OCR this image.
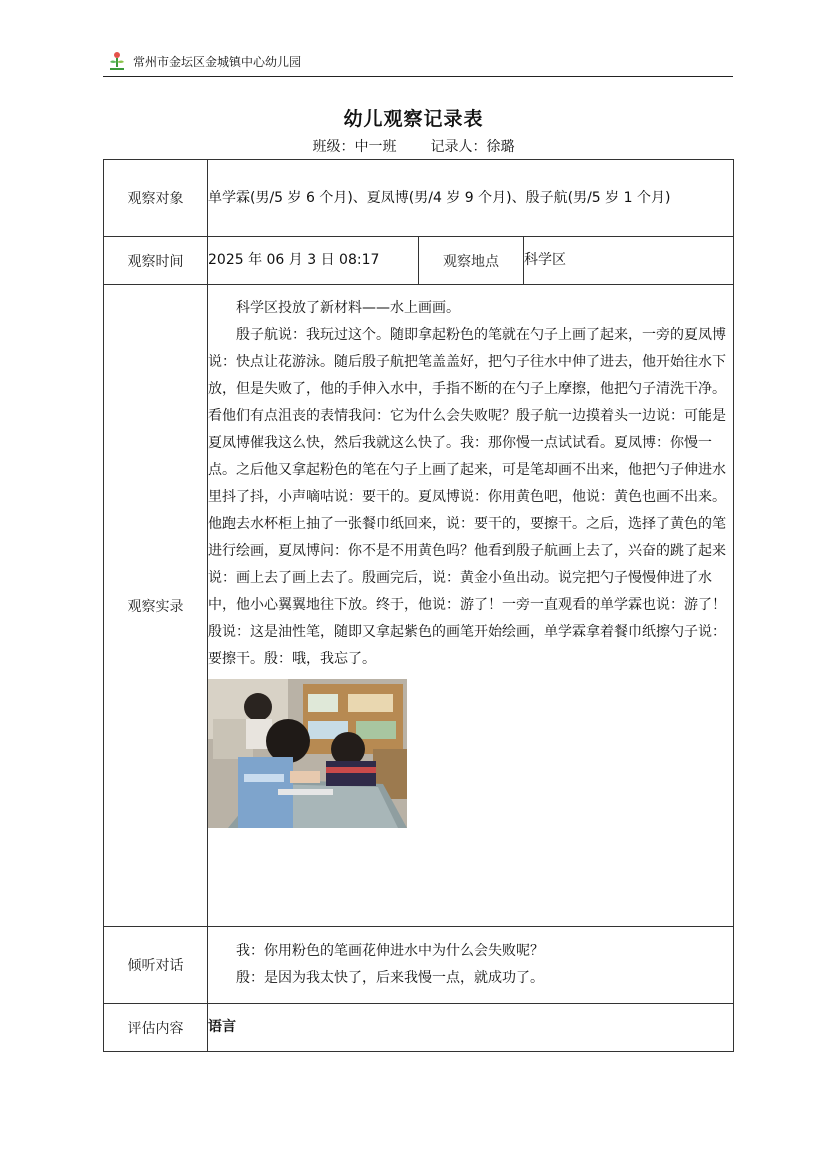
常州市金坛区金城镇中心幼儿园
幼儿观察记录表
班级：中一班 记录人：徐璐
观察对象	单学霖(男/5 岁 6 个月)、夏凤博(男/4 岁 9 个月)、殷子航(男/5 岁 1 个月)		
观察时间	2025 年 06 月 3 日 08:17	观察地点	科学区
观察实录	科学区投放了新材料——水上画画。

殷子航说：我玩过这个。随即拿起粉色的笔就在勺子上画了起来，一旁的夏凤博说：快点让花游泳。随后殷子航把笔盖盖好，把勺子往水中伸了进去，他开始往水下放，但是失败了，他的手伸入水中，手指不断的在勺子上摩擦，他把勺子清洗干净。看他们有点沮丧的表情我问：它为什么会失败呢？殷子航一边摸着头一边说：可能是夏凤博催我这么快，然后我就这么快了。我：那你慢一点试试看。夏凤博：你慢一点。之后他又拿起粉色的笔在勺子上画了起来，可是笔却画不出来，他把勺子伸进水里抖了抖，小声嘀咕说：要干的。夏凤博说：你用黄色吧，他说：黄色也画不出来。他跑去水杯柜上抽了一张餐巾纸回来，说：要干的，要擦干。之后，选择了黄色的笔进行绘画，夏凤博问：你不是不用黄色吗？他看到殷子航画上去了，兴奋的跳了起来说：画上去了画上去了。殷画完后，说：黄金小鱼出动。说完把勺子慢慢伸进了水中，他小心翼翼地往下放。终于，他说：游了！一旁一直观看的单学霖也说：游了！殷说：这是油性笔，随即又拿起紫色的画笔开始绘画，单学霖拿着餐巾纸擦勺子说：要擦干。殷：哦，我忘了。		

倾听对话	我：你用粉色的笔画花伸进水中为什么会失败呢？

殷：是因为我太快了，后来我慢一点，就成功了。		

评估内容	语言		
